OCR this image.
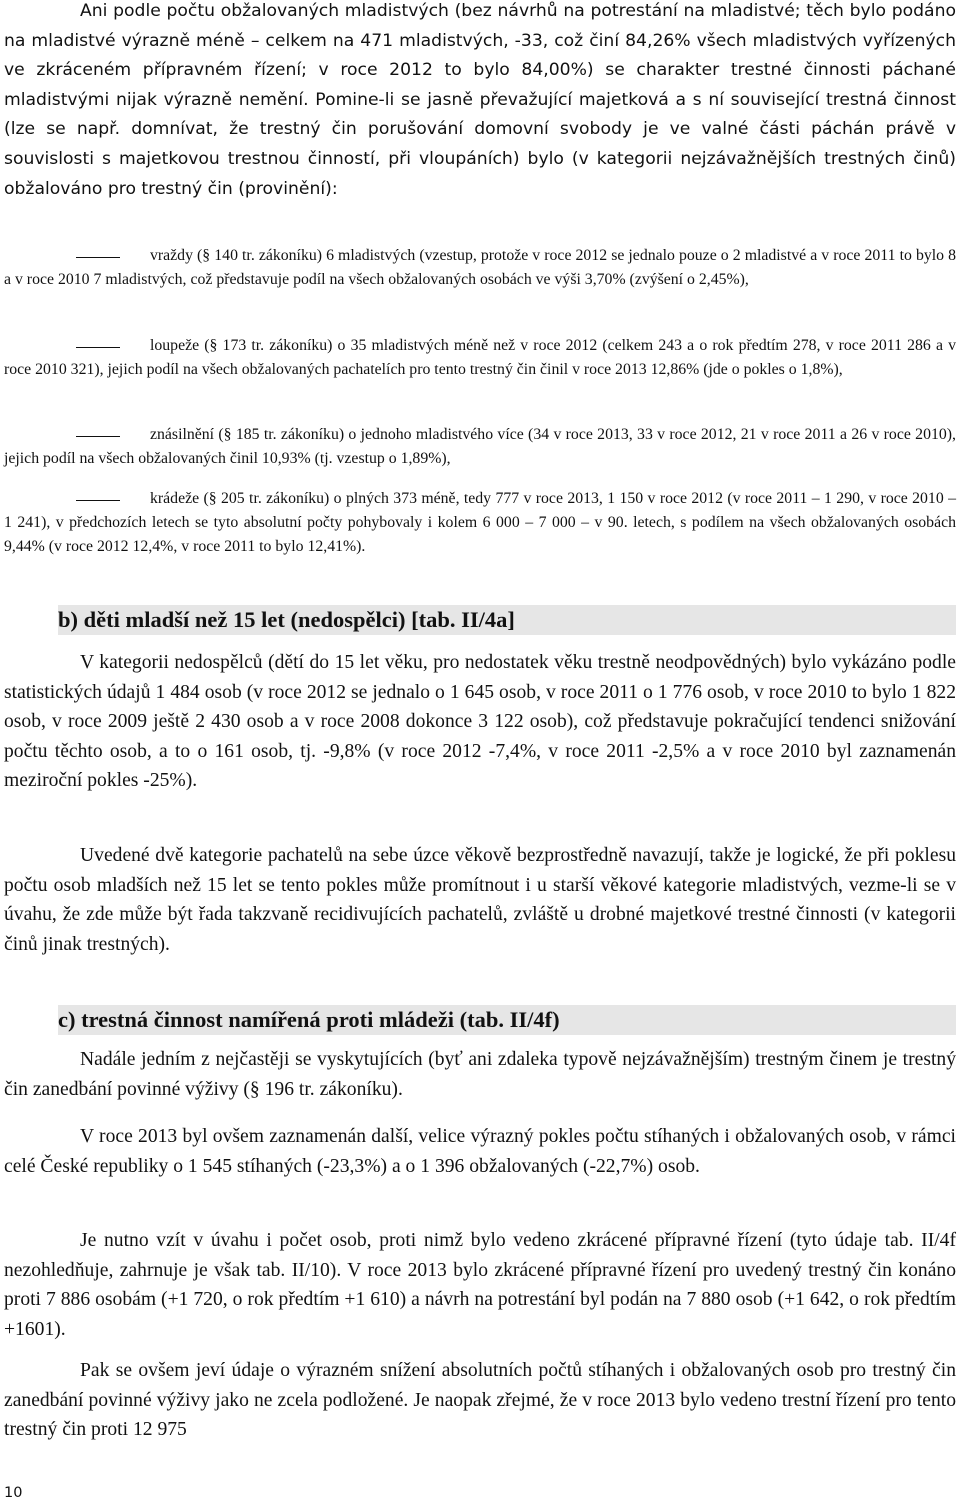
Ani podle počtu obžalovaných mladistvých (bez návrhů na potrestání na mladistvé; těch bylo podáno na mladistvé výrazně méně – celkem na 471 mladistvých, -33, což činí 84,26% všech mladistvých vyřízených ve zkráceném přípravném řízení; v roce 2012 to bylo 84,00%) se charakter trestné činnosti páchané mladistvými nijak výrazně nemění. Pomine-li se jasně převažující majetková a s ní související trestná činnost (lze se např. domnívat, že trestný čin porušování domovní svobody je ve valné části páchán právě v souvislosti s majetkovou trestnou činností, při vloupáních) bylo (v kategorii nejzávažnějších trestných činů) obžalováno pro trestný čin (provinění):

vraždy (§ 140 tr. zákoníku) 6 mladistvých (vzestup, protože v roce 2012 se jednalo pouze o 2 mladistvé a v roce 2011 to bylo 8 a v roce 2010 7 mladistvých, což představuje podíl na všech obžalovaných osobách ve výši 3,70% (zvýšení o 2,45%),

loupeže (§ 173 tr. zákoníku) o 35 mladistvých méně než v roce 2012 (celkem 243 a o rok předtím 278, v roce 2011 286 a v roce 2010 321), jejich podíl na všech obžalovaných pachatelích pro tento trestný čin činil v roce 2013 12,86% (jde o pokles o 1,8%),

znásilnění (§ 185 tr. zákoníku) o jednoho mladistvého více (34 v roce 2013, 33 v roce 2012, 21 v roce 2011 a 26 v roce 2010), jejich podíl na všech obžalovaných činil 10,93% (tj. vzestup o 1,89%),

krádeže (§ 205 tr. zákoníku) o plných 373 méně, tedy 777 v roce 2013, 1 150 v roce 2012 (v roce 2011 – 1 290, v roce 2010 – 1 241), v předchozích letech se tyto absolutní počty pohybovaly i kolem 6 000 – 7 000 – v 90. letech, s podílem na všech obžalovaných osobách 9,44% (v roce 2012 12,4%, v roce 2011 to bylo 12,41%).

b) děti mladší než 15 let (nedospělci) [tab. II/4a]

V kategorii nedospělců (dětí do 15 let věku, pro nedostatek věku trestně neodpovědných) bylo vykázáno podle statistických údajů 1 484 osob (v roce 2012 se jednalo o 1 645 osob, v roce 2011 o 1 776 osob, v roce 2010 to bylo 1 822 osob, v roce 2009 ještě 2 430 osob a v roce 2008 dokonce 3 122 osob), což představuje pokračující tendenci snižování počtu těchto osob, a to o 161 osob, tj. -9,8% (v roce 2012 -7,4%, v roce 2011 -2,5% a v roce 2010 byl zaznamenán meziroční pokles -25%).

Uvedené dvě kategorie pachatelů na sebe úzce věkově bezprostředně navazují, takže je logické, že při poklesu počtu osob mladších než 15 let se tento pokles může promítnout i u starší věkové kategorie mladistvých, vezme-li se v úvahu, že zde může být řada takzvaně recidivujících pachatelů, zvláště u drobné majetkové trestné činnosti (v kategorii činů jinak trestných).

c) trestná činnost namířená proti mládeži (tab. II/4f)

Nadále jedním z nejčastěji se vyskytujících (byť ani zdaleka typově nejzávažnějším) trestným činem je trestný čin zanedbání povinné výživy (§ 196 tr. zákoníku).

V roce 2013 byl ovšem zaznamenán další, velice výrazný pokles počtu stíhaných i obžalovaných osob, v rámci celé České republiky o 1 545 stíhaných (-23,3%) a o 1 396 obžalovaných (-22,7%) osob.

Je nutno vzít v úvahu i počet osob, proti nimž bylo vedeno zkrácené přípravné řízení (tyto údaje tab. II/4f nezohledňuje, zahrnuje je však tab. II/10). V roce 2013 bylo zkrácené přípravné řízení pro uvedený trestný čin konáno proti 7 886 osobám (+1 720, o rok předtím +1 610) a návrh na potrestání byl podán na 7 880 osob (+1 642, o rok předtím +1601).

Pak se ovšem jeví údaje o výrazném snížení absolutních počtů stíhaných i obžalovaných osob pro trestný čin zanedbání povinné výživy jako ne zcela podložené. Je naopak zřejmé, že v roce 2013 bylo vedeno trestní řízení pro tento trestný čin proti 12 975

10
